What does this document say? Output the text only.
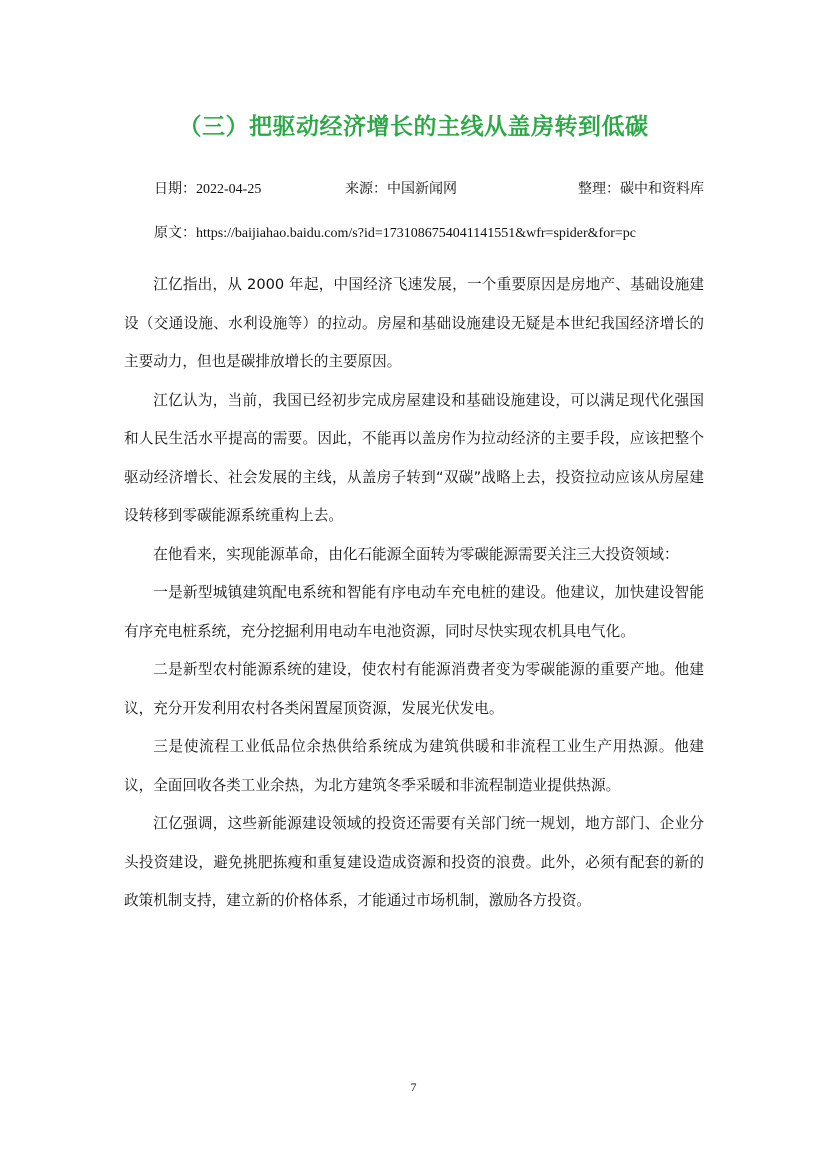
（三）把驱动经济增长的主线从盖房转到低碳
日期：2022-04-25	来源：中国新闻网	整理：碳中和资料库
原文：https://baijiahao.baidu.com/s?id=1731086754041141551&wfr=spider&for=pc

江亿指出，从 2000 年起，中国经济飞速发展，一个重要原因是房地产、基础设施建设（交通设施、水利设施等）的拉动。房屋和基础设施建设无疑是本世纪我国经济增长的主要动力，但也是碳排放增长的主要原因。

江亿认为，当前，我国已经初步完成房屋建设和基础设施建设，可以满足现代化强国和人民生活水平提高的需要。因此，不能再以盖房作为拉动经济的主要手段，应该把整个驱动经济增长、社会发展的主线，从盖房子转到“双碳”战略上去，投资拉动应该从房屋建设转移到零碳能源系统重构上去。

在他看来，实现能源革命，由化石能源全面转为零碳能源需要关注三大投资领域：

一是新型城镇建筑配电系统和智能有序电动车充电桩的建设。他建议，加快建设智能有序充电桩系统，充分挖掘利用电动车电池资源，同时尽快实现农机具电气化。

二是新型农村能源系统的建设，使农村有能源消费者变为零碳能源的重要产地。他建议，充分开发利用农村各类闲置屋顶资源，发展光伏发电。

三是使流程工业低品位余热供给系统成为建筑供暖和非流程工业生产用热源。他建议，全面回收各类工业余热，为北方建筑冬季采暖和非流程制造业提供热源。

江亿强调，这些新能源建设领域的投资还需要有关部门统一规划，地方部门、企业分头投资建设，避免挑肥拣瘦和重复建设造成资源和投资的浪费。此外，必须有配套的新的政策机制支持，建立新的价格体系，才能通过市场机制，激励各方投资。

7
